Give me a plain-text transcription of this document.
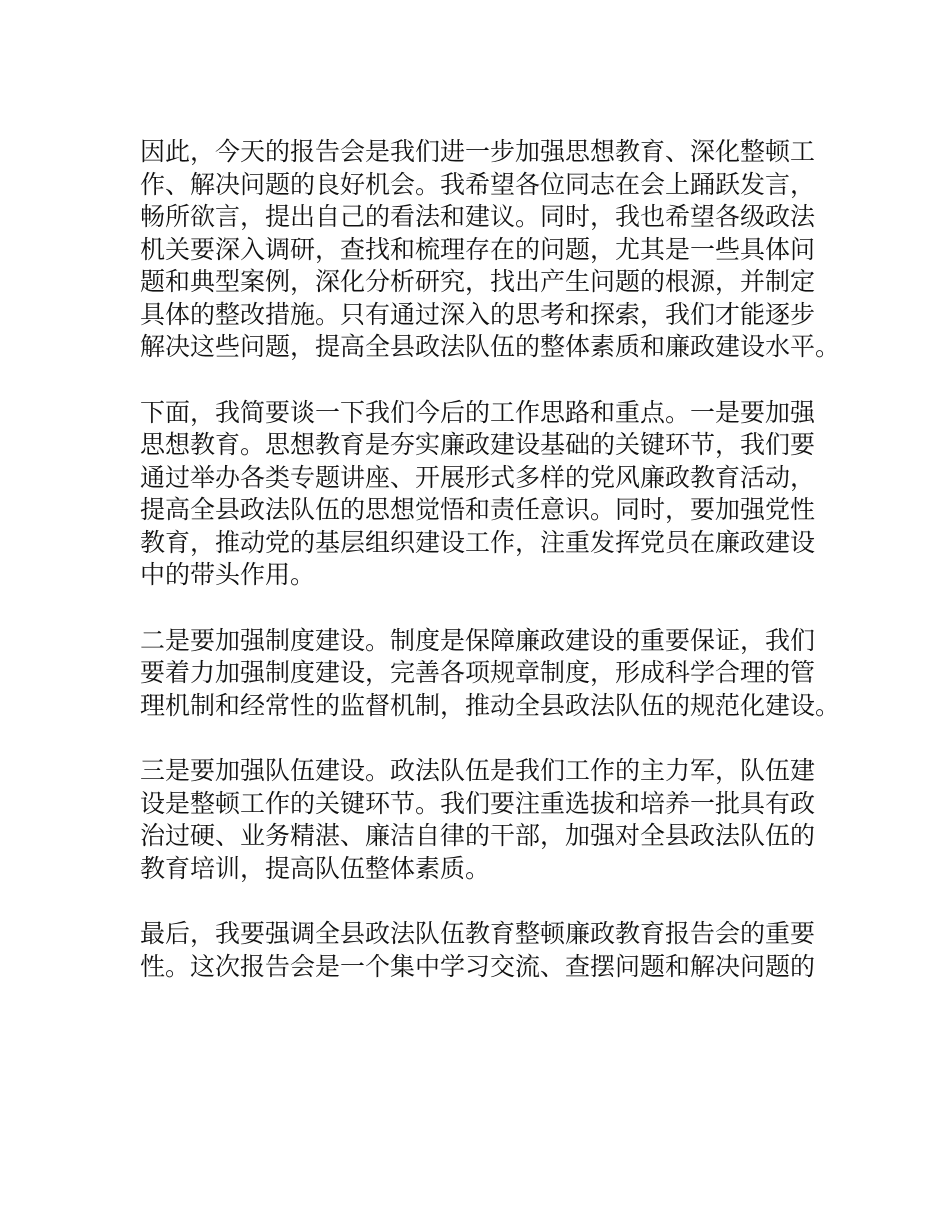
因此，今天的报告会是我们进一步加强思想教育、深化整顿工
作、解决问题的良好机会。我希望各位同志在会上踊跃发言，
畅所欲言，提出自己的看法和建议。同时，我也希望各级政法
机关要深入调研，查找和梳理存在的问题，尤其是一些具体问
题和典型案例，深化分析研究，找出产生问题的根源，并制定
具体的整改措施。只有通过深入的思考和探索，我们才能逐步
解决这些问题，提高全县政法队伍的整体素质和廉政建设水平。

下面，我简要谈一下我们今后的工作思路和重点。一是要加强
思想教育。思想教育是夯实廉政建设基础的关键环节，我们要
通过举办各类专题讲座、开展形式多样的党风廉政教育活动，
提高全县政法队伍的思想觉悟和责任意识。同时，要加强党性
教育，推动党的基层组织建设工作，注重发挥党员在廉政建设
中的带头作用。

二是要加强制度建设。制度是保障廉政建设的重要保证，我们
要着力加强制度建设，完善各项规章制度，形成科学合理的管
理机制和经常性的监督机制，推动全县政法队伍的规范化建设。

三是要加强队伍建设。政法队伍是我们工作的主力军，队伍建
设是整顿工作的关键环节。我们要注重选拔和培养一批具有政
治过硬、业务精湛、廉洁自律的干部，加强对全县政法队伍的
教育培训，提高队伍整体素质。

最后，我要强调全县政法队伍教育整顿廉政教育报告会的重要
性。这次报告会是一个集中学习交流、查摆问题和解决问题的
